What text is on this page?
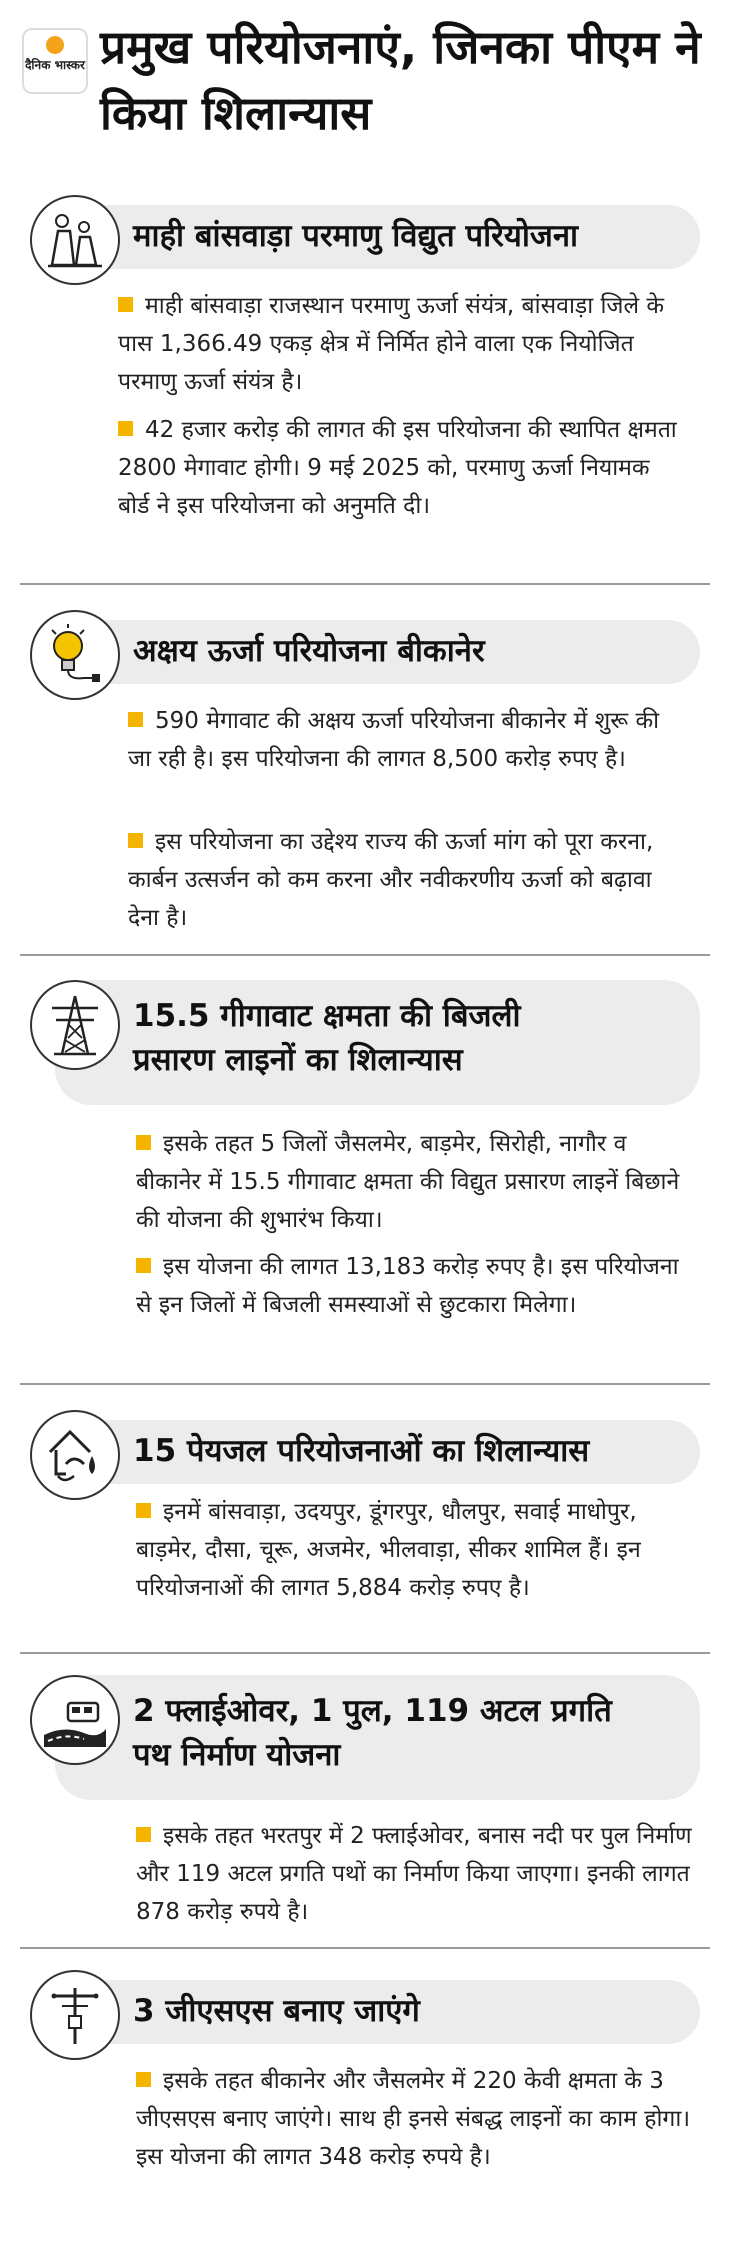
दैनिक भास्कर प्रमुख परियोजनाएं, जिनका पीएम ने किया शिलान्यास
माही बांसवाड़ा परमाणु विद्युत परियोजना
माही बांसवाड़ा राजस्थान परमाणु ऊर्जा संयंत्र, बांसवाड़ा जिले के पास 1,366.49 एकड़ क्षेत्र में निर्मित होने वाला एक नियोजित परमाणु ऊर्जा संयंत्र है।
42 हजार करोड़ की लागत की इस परियोजना की स्थापित क्षमता 2800 मेगावाट होगी। 9 मई 2025 को, परमाणु ऊर्जा नियामक बोर्ड ने इस परियोजना को अनुमति दी।
अक्षय ऊर्जा परियोजना बीकानेर
590 मेगावाट की अक्षय ऊर्जा परियोजना बीकानेर में शुरू की जा रही है। इस परियोजना की लागत 8,500 करोड़ रुपए है।
इस परियोजना का उद्देश्य राज्य की ऊर्जा मांग को पूरा करना, कार्बन उत्सर्जन को कम करना और नवीकरणीय ऊर्जा को बढ़ावा देना है।
15.5 गीगावाट क्षमता की बिजली प्रसारण लाइनों का शिलान्यास
इसके तहत 5 जिलों जैसलमेर, बाड़मेर, सिरोही, नागौर व बीकानेर में 15.5 गीगावाट क्षमता की विद्युत प्रसारण लाइनें बिछाने की योजना की शुभारंभ किया।
इस योजना की लागत 13,183 करोड़ रुपए है। इस परियोजना से इन जिलों में बिजली समस्याओं से छुटकारा मिलेगा।
15 पेयजल परियोजनाओं का शिलान्यास
इनमें बांसवाड़ा, उदयपुर, डूंगरपुर, धौलपुर, सवाई माधोपुर, बाड़मेर, दौसा, चूरू, अजमेर, भीलवाड़ा, सीकर शामिल हैं। इन परियोजनाओं की लागत 5,884 करोड़ रुपए है।
2 फ्लाईओवर, 1 पुल, 119 अटल प्रगति पथ निर्माण योजना
इसके तहत भरतपुर में 2 फ्लाईओवर, बनास नदी पर पुल निर्माण और 119 अटल प्रगति पथों का निर्माण किया जाएगा। इनकी लागत 878 करोड़ रुपये है।
3 जीएसएस बनाए जाएंगे
इसके तहत बीकानेर और जैसलमेर में 220 केवी क्षमता के 3 जीएसएस बनाए जाएंगे। साथ ही इनसे संबद्ध लाइनों का काम होगा। इस योजना की लागत 348 करोड़ रुपये है।
